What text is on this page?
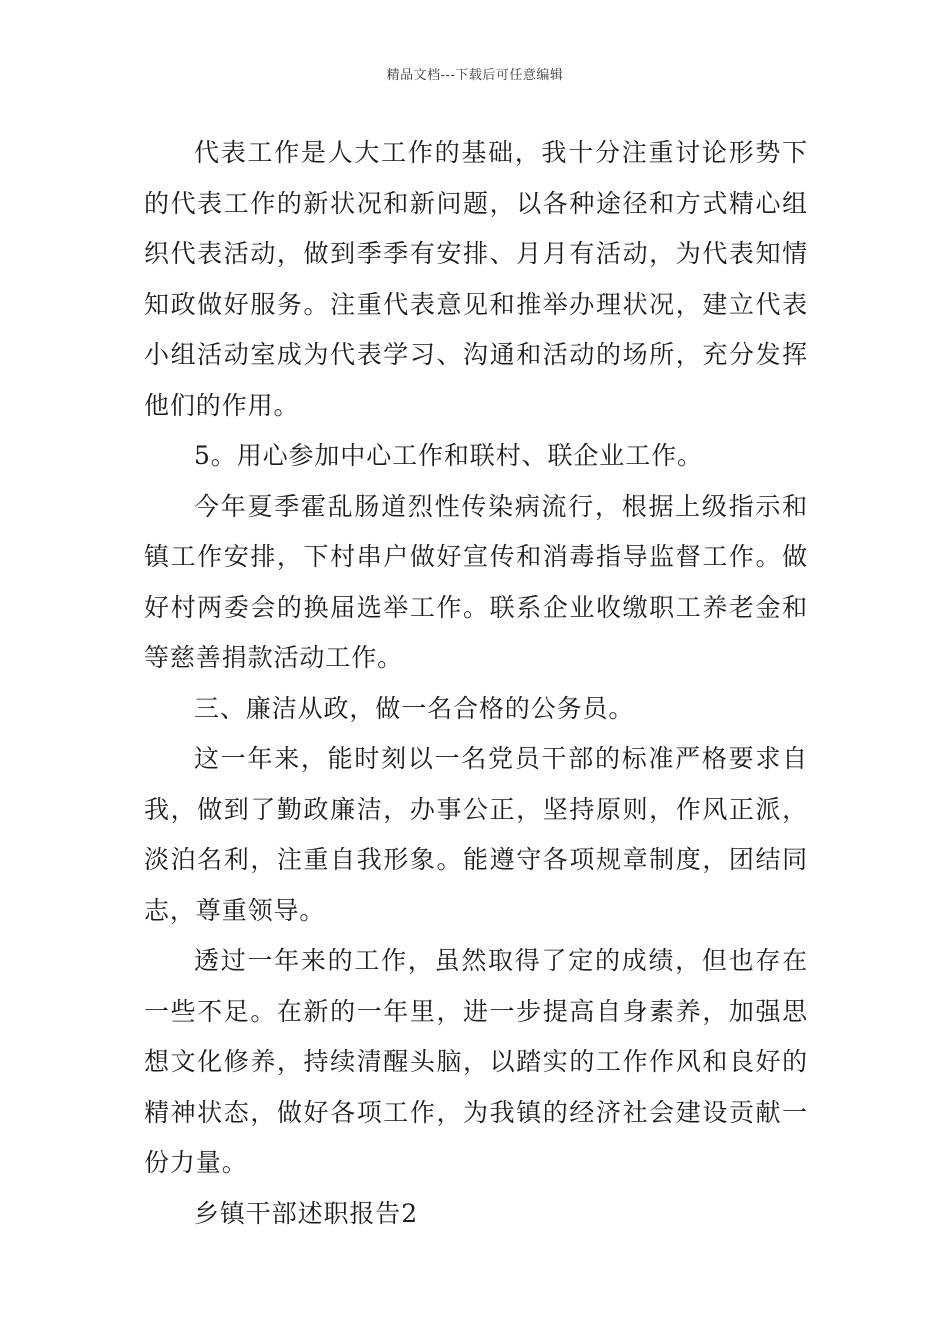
精品文档---下载后可任意编辑

代表工作是人大工作的基础，我十分注重讨论形势下的代表工作的新状况和新问题，以各种途径和方式精心组织代表活动，做到季季有安排、月月有活动，为代表知情知政做好服务。注重代表意见和推举办理状况，建立代表小组活动室成为代表学习、沟通和活动的场所，充分发挥他们的作用。

5。用心参加中心工作和联村、联企业工作。

今年夏季霍乱肠道烈性传染病流行，根据上级指示和镇工作安排，下村串户做好宣传和消毒指导监督工作。做好村两委会的换届选举工作。联系企业收缴职工养老金和等慈善捐款活动工作。

三、廉洁从政，做一名合格的公务员。

这一年来，能时刻以一名党员干部的标准严格要求自我，做到了勤政廉洁，办事公正，坚持原则，作风正派，淡泊名利，注重自我形象。能遵守各项规章制度，团结同志，尊重领导。

透过一年来的工作，虽然取得了定的成绩，但也存在一些不足。在新的一年里，进一步提高自身素养，加强思想文化修养，持续清醒头脑，以踏实的工作作风和良好的精神状态，做好各项工作，为我镇的经济社会建设贡献一份力量。

乡镇干部述职报告2
